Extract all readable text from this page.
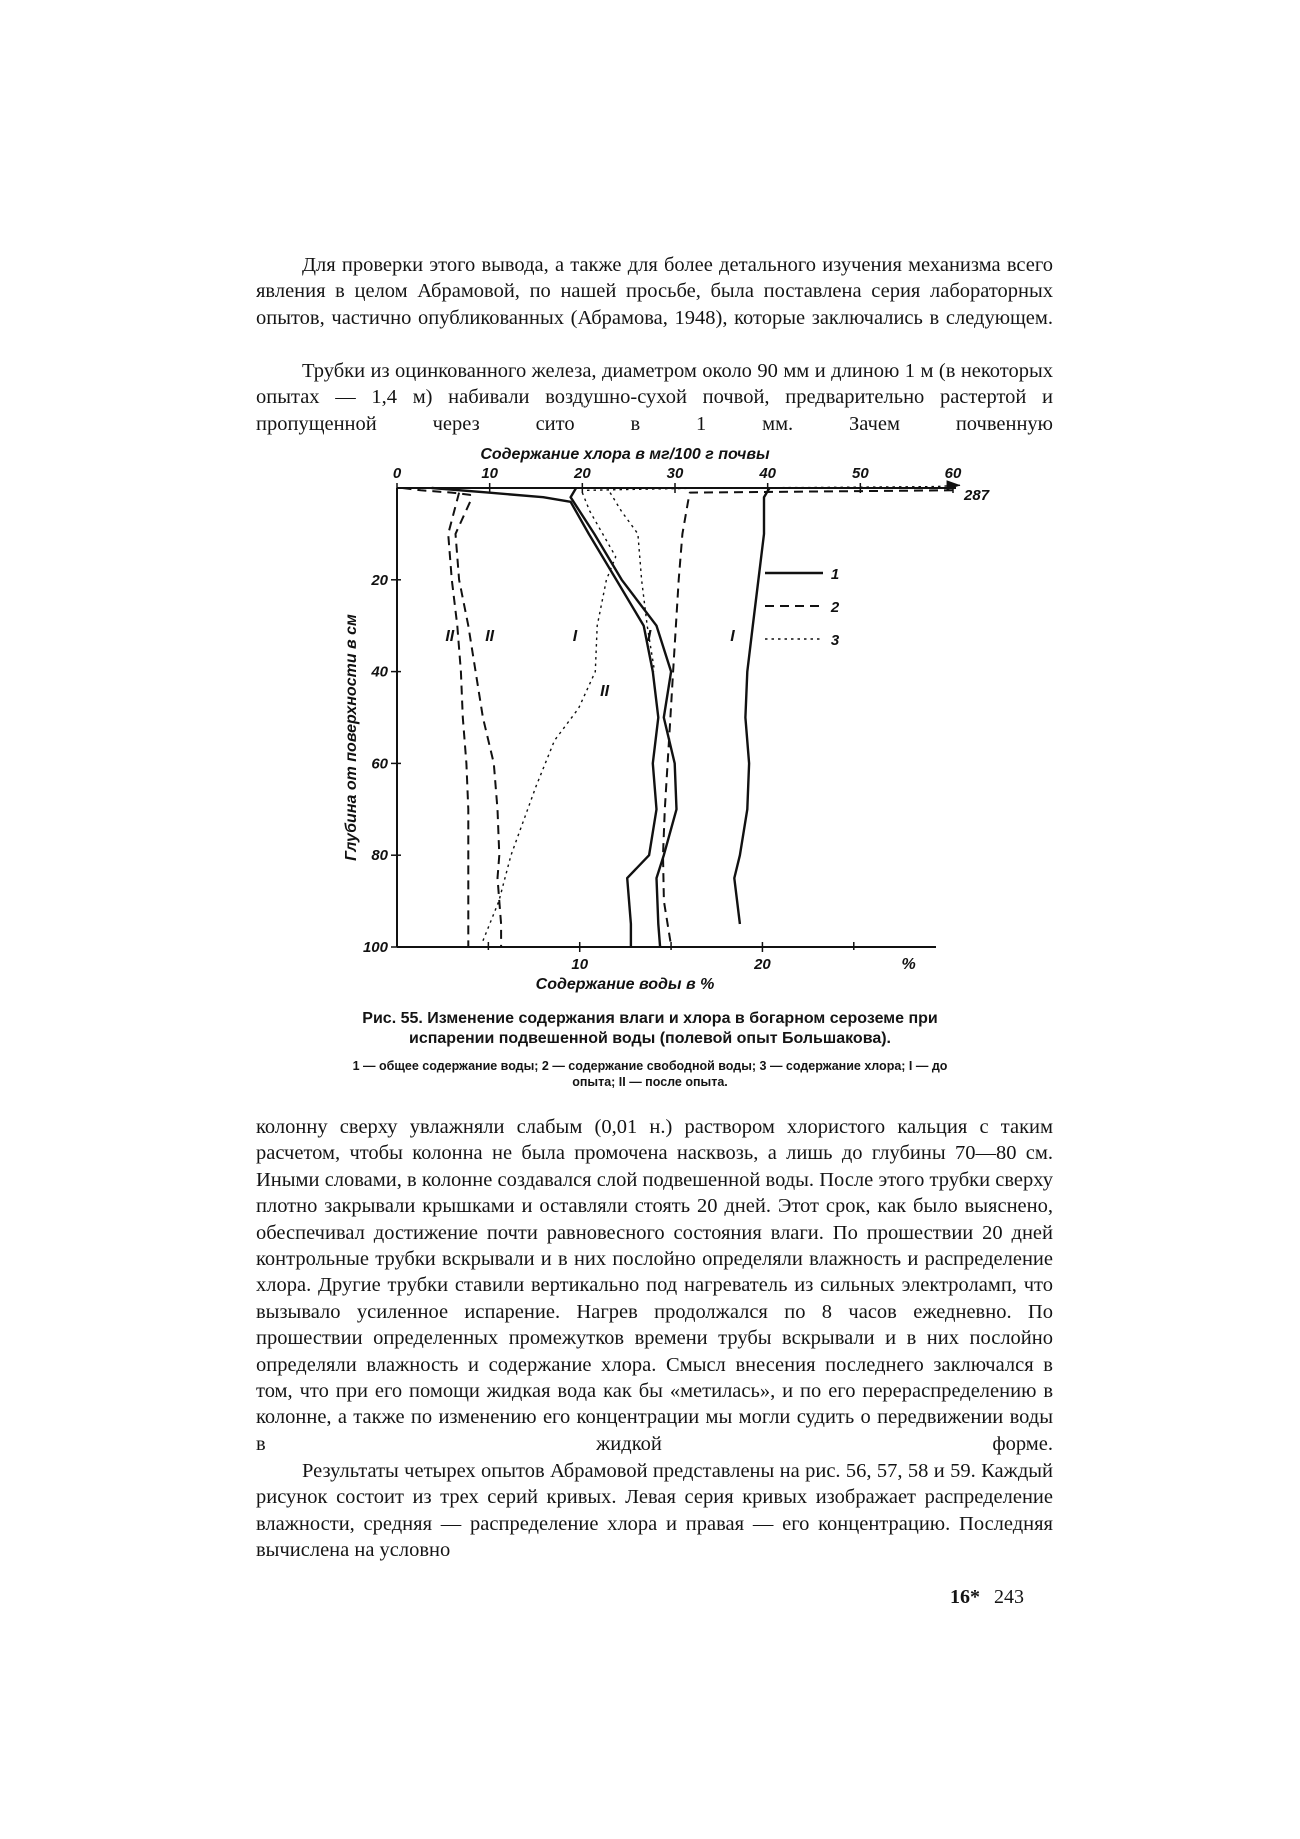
Для проверки этого вывода, а также для более детального изучения механизма всего явления в целом Абрамовой, по нашей просьбе, была поставлена серия лабораторных опытов, частично опубликованных (Абрамова, 1948), которые заключались в следующем.

Трубки из оцинкованного железа, диаметром около 90 мм и длиною 1 м (в некоторых опытах — 1,4 м) набивали воздушно-сухой почвой, предварительно растертой и пропущенной через сито в 1 мм. Зачем почвенную

0	10	20	30	40	50	60
10	20	%
20
40
60
80
100
Содержание хлора в мг/100 г почвы
Содержание воды в %
Глубина от поверхности в см
287
II II	I	I	I
II
1
2
3
Рис. 55. Изменение содержания влаги и хлора в богарном сероземе при испарении подвешенной воды (полевой опыт Большакова).
1 — общее содержание воды; 2 — содержание свободной воды; 3 — содержание хлора; I — до опыта; II — после опыта.

колонну сверху увлажняли слабым (0,01 н.) раствором хлористого кальция с таким расчетом, чтобы колонна не была промочена насквозь, а лишь до глубины 70—80 см. Иными словами, в колонне создавался слой подвешенной воды. После этого трубки сверху плотно закрывали крышками и оставляли стоять 20 дней. Этот срок, как было выяснено, обеспечивал достижение почти равновесного состояния влаги. По прошествии 20 дней контрольные трубки вскрывали и в них послойно определяли влажность и распределение хлора. Другие трубки ставили вертикально под нагреватель из сильных электроламп, что вызывало усиленное испарение. Нагрев продолжался по 8 часов ежедневно. По прошествии определенных промежутков времени трубы вскрывали и в них послойно определяли влажность и содержание хлора. Смысл внесения последнего заключался в том, что при его помощи жидкая вода как бы «метилась», и по его перераспределению в колонне, а также по изменению его концентрации мы могли судить о передвижении воды в жидкой форме.

Результаты четырех опытов Абрамовой представлены на рис. 56, 57, 58 и 59. Каждый рисунок состоит из трех серий кривых. Левая серия кривых изображает распределение влажности, средняя — распределение хлора и правая — его концентрацию. Последняя вычислена на условно

16* 243
